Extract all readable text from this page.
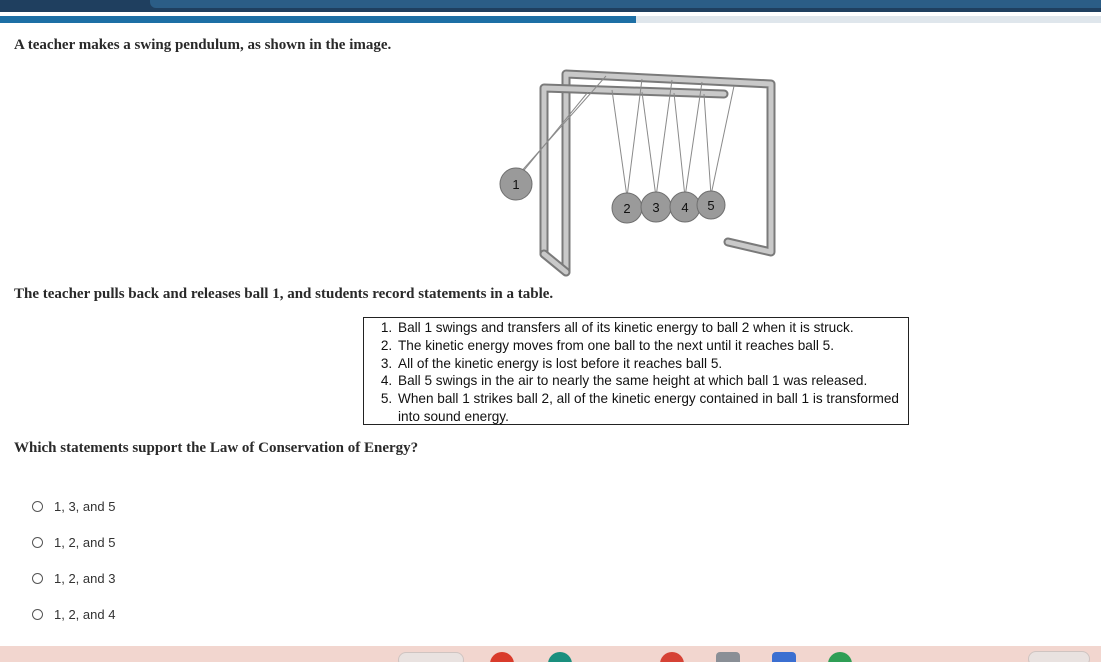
A teacher makes a swing pendulum, as shown in the image.
1
2 3 4 5
The teacher pulls back and releases ball 1, and students record statements in a table.
1. Ball 1 swings and transfers all of its kinetic energy to ball 2 when it is struck.
2. The kinetic energy moves from one ball to the next until it reaches ball 5.
3. All of the kinetic energy is lost before it reaches ball 5.
4. Ball 5 swings in the air to nearly the same height at which ball 1 was released.
5. When ball 1 strikes ball 2, all of the kinetic energy contained in ball 1 is transformed into sound energy.
Which statements support the Law of Conservation of Energy?
1, 3, and 5
1, 2, and 5
1, 2, and 3
1, 2, and 4
